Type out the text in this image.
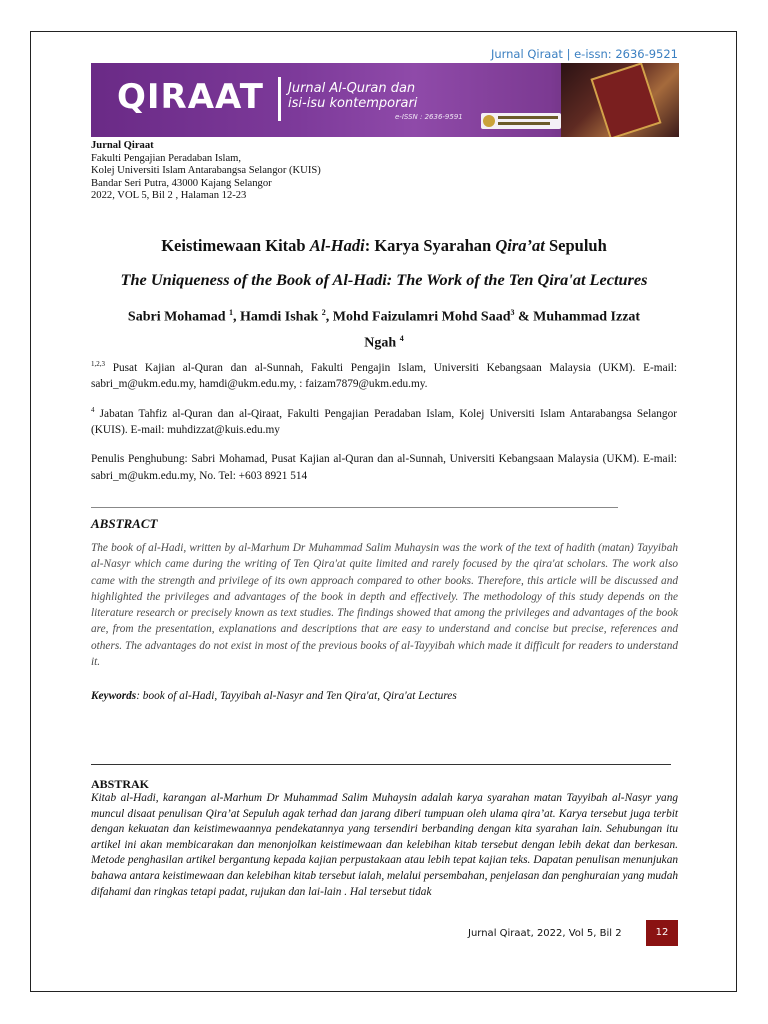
Jurnal Qiraat | e-issn: 2636-9521
QIRAAT Jurnal Al-Quran dan
isi-isu kontemporari
e-ISSN : 2636-9591
Jurnal Qiraat
Fakulti Pengajian Peradaban Islam,
Kolej Universiti Islam Antarabangsa Selangor (KUIS)
Bandar Seri Putra, 43000 Kajang Selangor
2022, VOL 5, Bil 2 , Halaman 12-23
Keistimewaan Kitab Al-Hadi: Karya Syarahan Qira’at Sepuluh
The Uniqueness of the Book of Al-Hadi: The Work of the Ten Qira'at Lectures
Sabri Mohamad $^1$, Hamdi Ishak $^2$, Mohd Faizulamri Mohd Saad$^3$ & Muhammad Izzat
Ngah $^4$
$^{1,2,3}$ Pusat Kajian al-Quran dan al-Sunnah, Fakulti Pengajin Islam, Universiti Kebangsaan Malaysia (UKM). E-mail: sabri_m@ukm.edu.my, hamdi@ukm.edu.my, : faizam7879@ukm.edu.my.
$^4$ Jabatan Tahfiz al-Quran dan al-Qiraat, Fakulti Pengajian Peradaban Islam, Kolej Universiti Islam Antarabangsa Selangor (KUIS). E-mail: muhdizzat@kuis.edu.my
Penulis Penghubung: Sabri Mohamad, Pusat Kajian al-Quran dan al-Sunnah, Universiti Kebangsaan Malaysia (UKM). E-mail: sabri_m@ukm.edu.my, No. Tel: +603 8921 514
ABSTRACT
The book of al-Hadi, written by al-Marhum Dr Muhammad Salim Muhaysin was the work of the text of hadith (matan) Tayyibah al-Nasyr which came during the writing of Ten Qira'at quite limited and rarely focused by the qira'at scholars. The work also came with the strength and privilege of its own approach compared to other books. Therefore, this article will be discussed and highlighted the privileges and advantages of the book in depth and effectively. The methodology of this study depends on the literature research or precisely known as text studies. The findings showed that among the privileges and advantages of the book are, from the presentation, explanations and descriptions that are easy to understand and concise but precise, references and others. The advantages do not exist in most of the previous books of al-Tayyibah which made it difficult for readers to understand it.
Keywords: book of al-Hadi, Tayyibah al-Nasyr and Ten Qira'at, Qira'at Lectures
ABSTRAK
Kitab al-Hadi, karangan al-Marhum Dr Muhammad Salim Muhaysin adalah karya syarahan matan Tayyibah al-Nasyr yang muncul disaat penulisan Qira’at Sepuluh agak terhad dan jarang diberi tumpuan oleh ulama qira’at. Karya tersebut juga terbit dengan kekuatan dan keistimewaannya pendekatannya yang tersendiri berbanding dengan kita syarahan lain. Sehubungan itu artikel ini akan membicarakan dan menonjolkan keistimewaan dan kelebihan kitab tersebut dengan lebih dekat dan berkesan. Metode penghasilan artikel bergantung kepada kajian perpustakaan atau lebih tepat kajian teks. Dapatan penulisan menunjukan bahawa antara keistimewaan dan kelebihan kitab tersebut ialah, melalui persembahan, penjelasan dan penghuraian yang mudah difahami dan ringkas tetapi padat, rujukan dan lai-lain . Hal tersebut tidak
Jurnal Qiraat, 2022, Vol 5, Bil 2	12
